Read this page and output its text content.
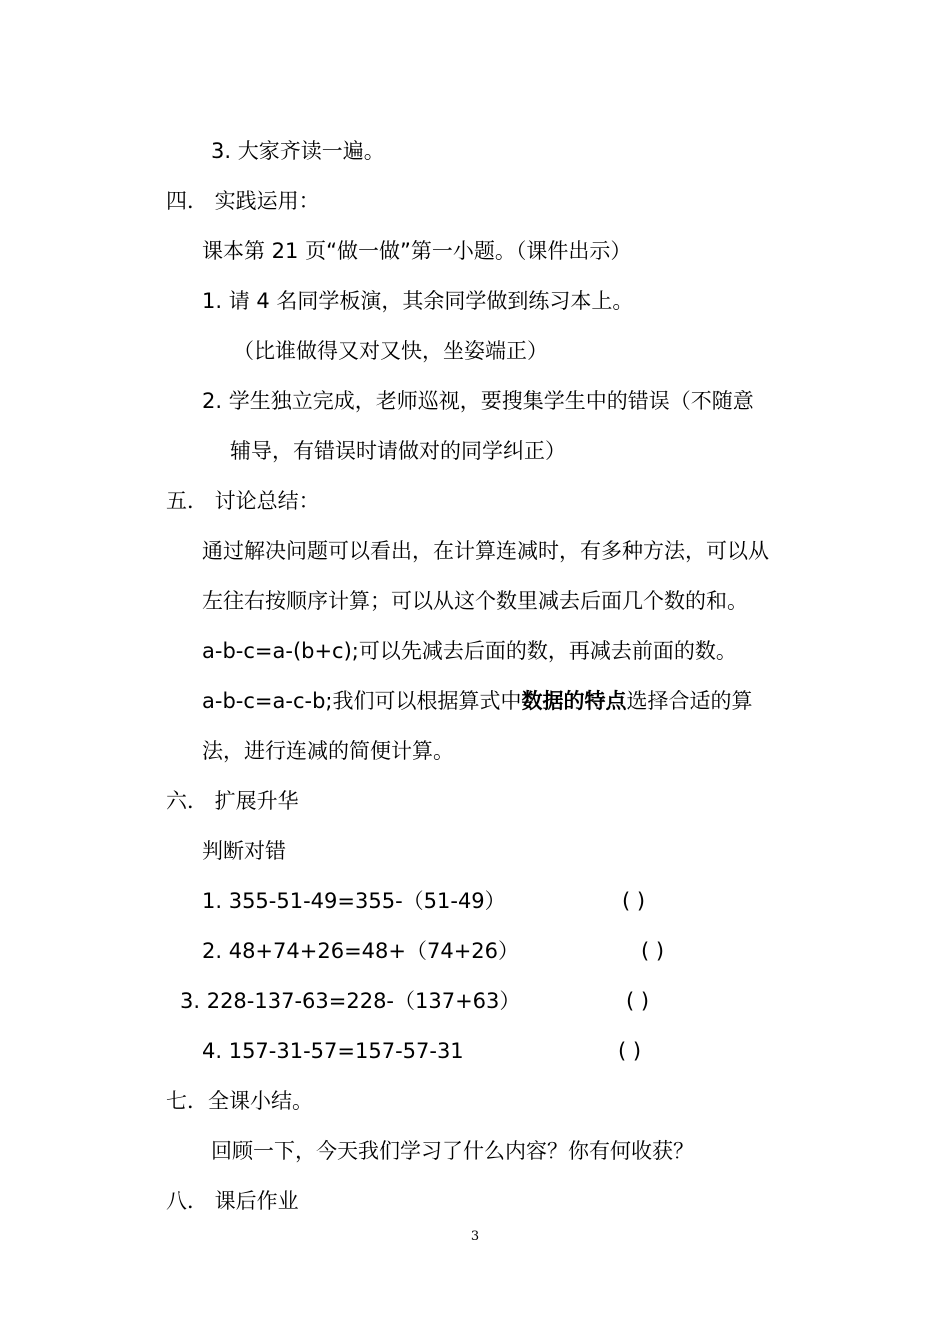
3. 大家齐读一遍。
四． 实践运用：
课本第 21 页“做一做”第一小题。（课件出示）
1. 请 4 名同学板演，其余同学做到练习本上。
（比谁做得又对又快，坐姿端正）
2. 学生独立完成，老师巡视，要搜集学生中的错误（不随意
辅导，有错误时请做对的同学纠正）
五． 讨论总结：
通过解决问题可以看出，在计算连减时，有多种方法，可以从
左往右按顺序计算；可以从这个数里减去后面几个数的和。
a-b-c=a-(b+c);可以先减去后面的数，再减去前面的数。
a-b-c=a-c-b;我们可以根据算式中数据的特点选择合适的算
法，进行连减的简便计算。
六． 扩展升华
判断对错
1. 355-51-49=355-（51-49）	( )
2. 48+74+26=48+（74+26）	( )
3. 228-137-63=228-（137+63）	( )
4. 157-31-57=157-57-31	( )
七．全课小结。
回顾一下，今天我们学习了什么内容？你有何收获？
八． 课后作业
3
